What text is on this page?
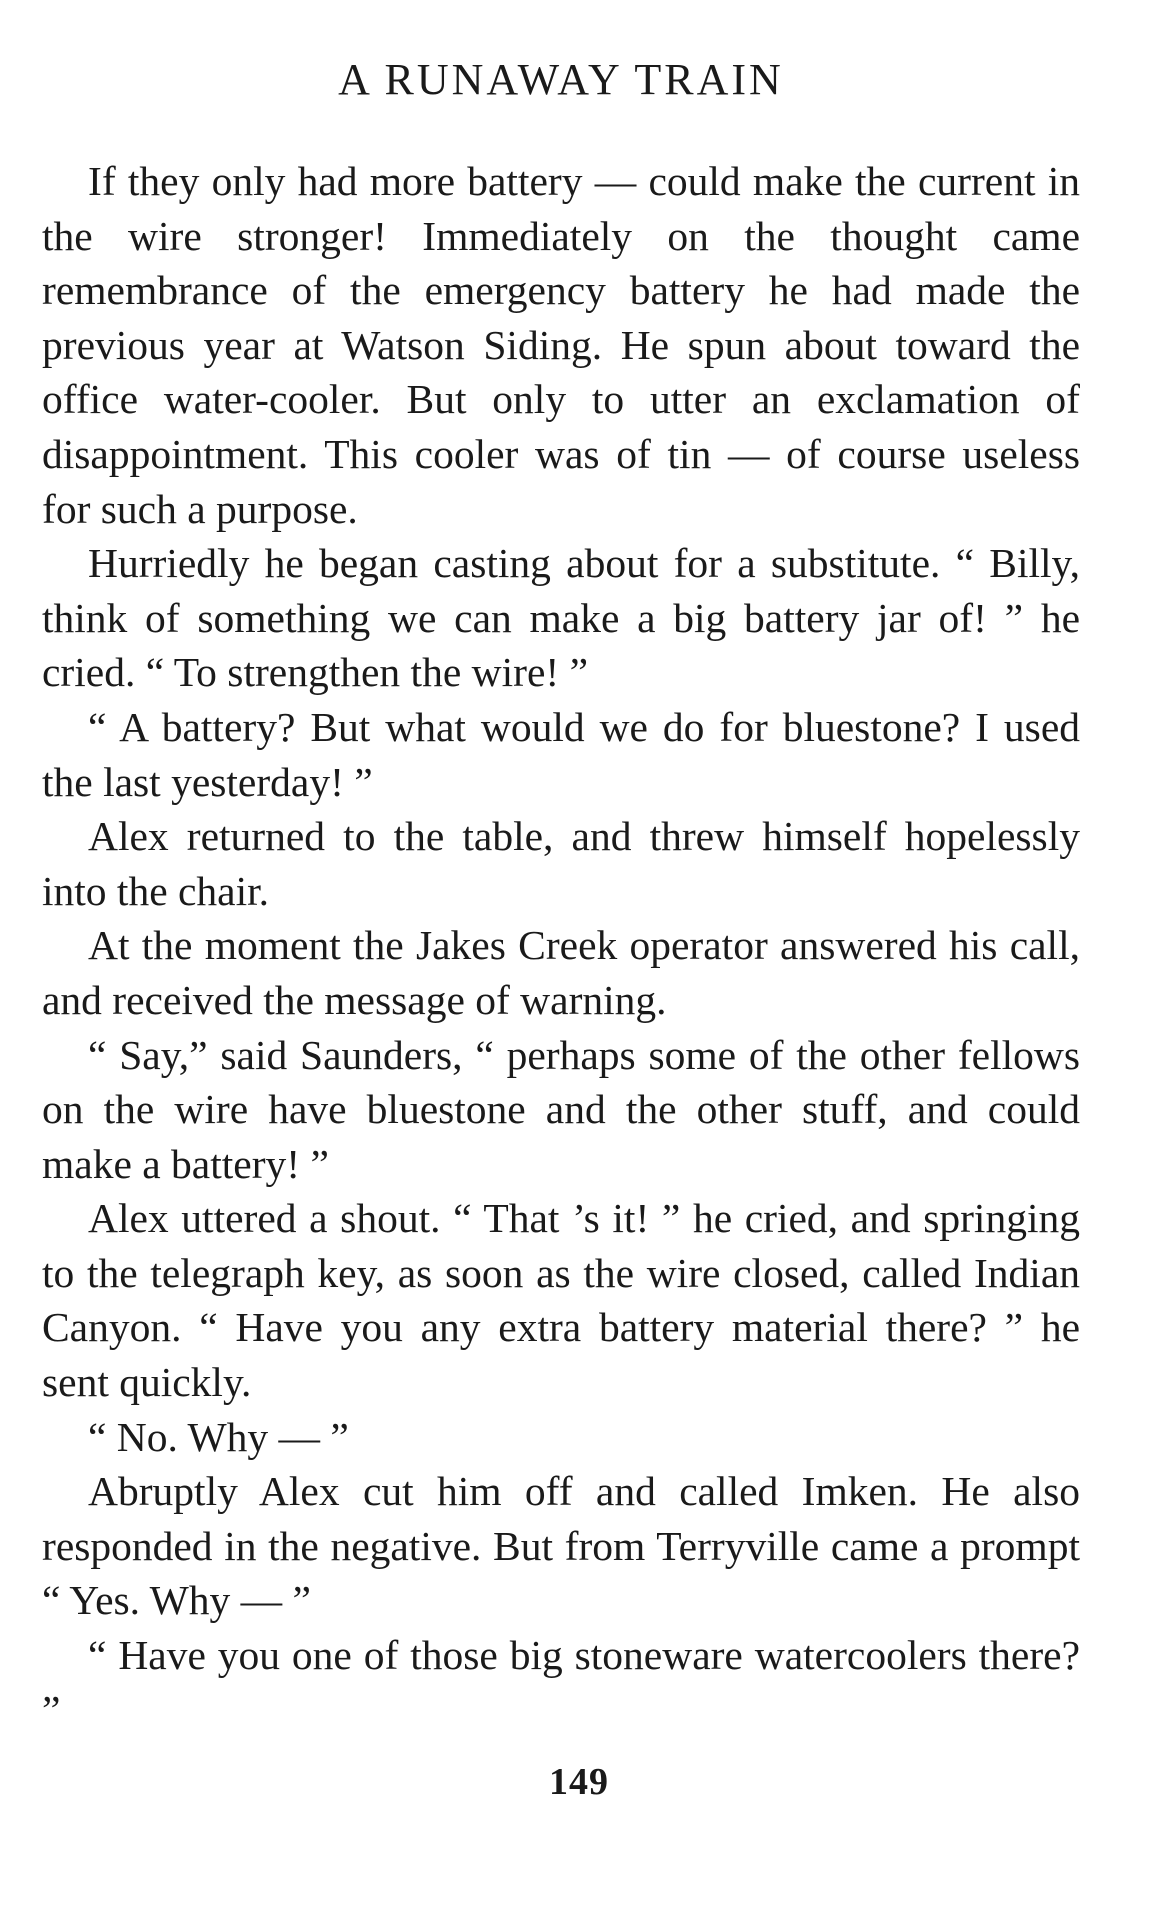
A RUNAWAY TRAIN

If they only had more battery — could make the current in the wire stronger! Immediately on the thought came remembrance of the emergency battery he had made the previous year at Watson Siding. He spun about toward the office water-cooler. But only to utter an exclamation of disappointment. This cooler was of tin — of course useless for such a purpose.

Hurriedly he began casting about for a substitute. “ Billy, think of something we can make a big battery jar of! ” he cried. “ To strengthen the wire! ”

“ A battery? But what would we do for bluestone? I used the last yesterday! ”

Alex returned to the table, and threw himself hopelessly into the chair.

At the moment the Jakes Creek operator answered his call, and received the message of warning.

“ Say,” said Saunders, “ perhaps some of the other fellows on the wire have bluestone and the other stuff, and could make a battery! ”

Alex uttered a shout. “ That ’s it! ” he cried, and springing to the telegraph key, as soon as the wire closed, called Indian Canyon. “ Have you any extra battery material there? ” he sent quickly.

“ No. Why — ”

Abruptly Alex cut him off and called Imken. He also responded in the negative. But from Terryville came a prompt “ Yes. Why — ”

“ Have you one of those big stoneware watercoolers there? ”

149
